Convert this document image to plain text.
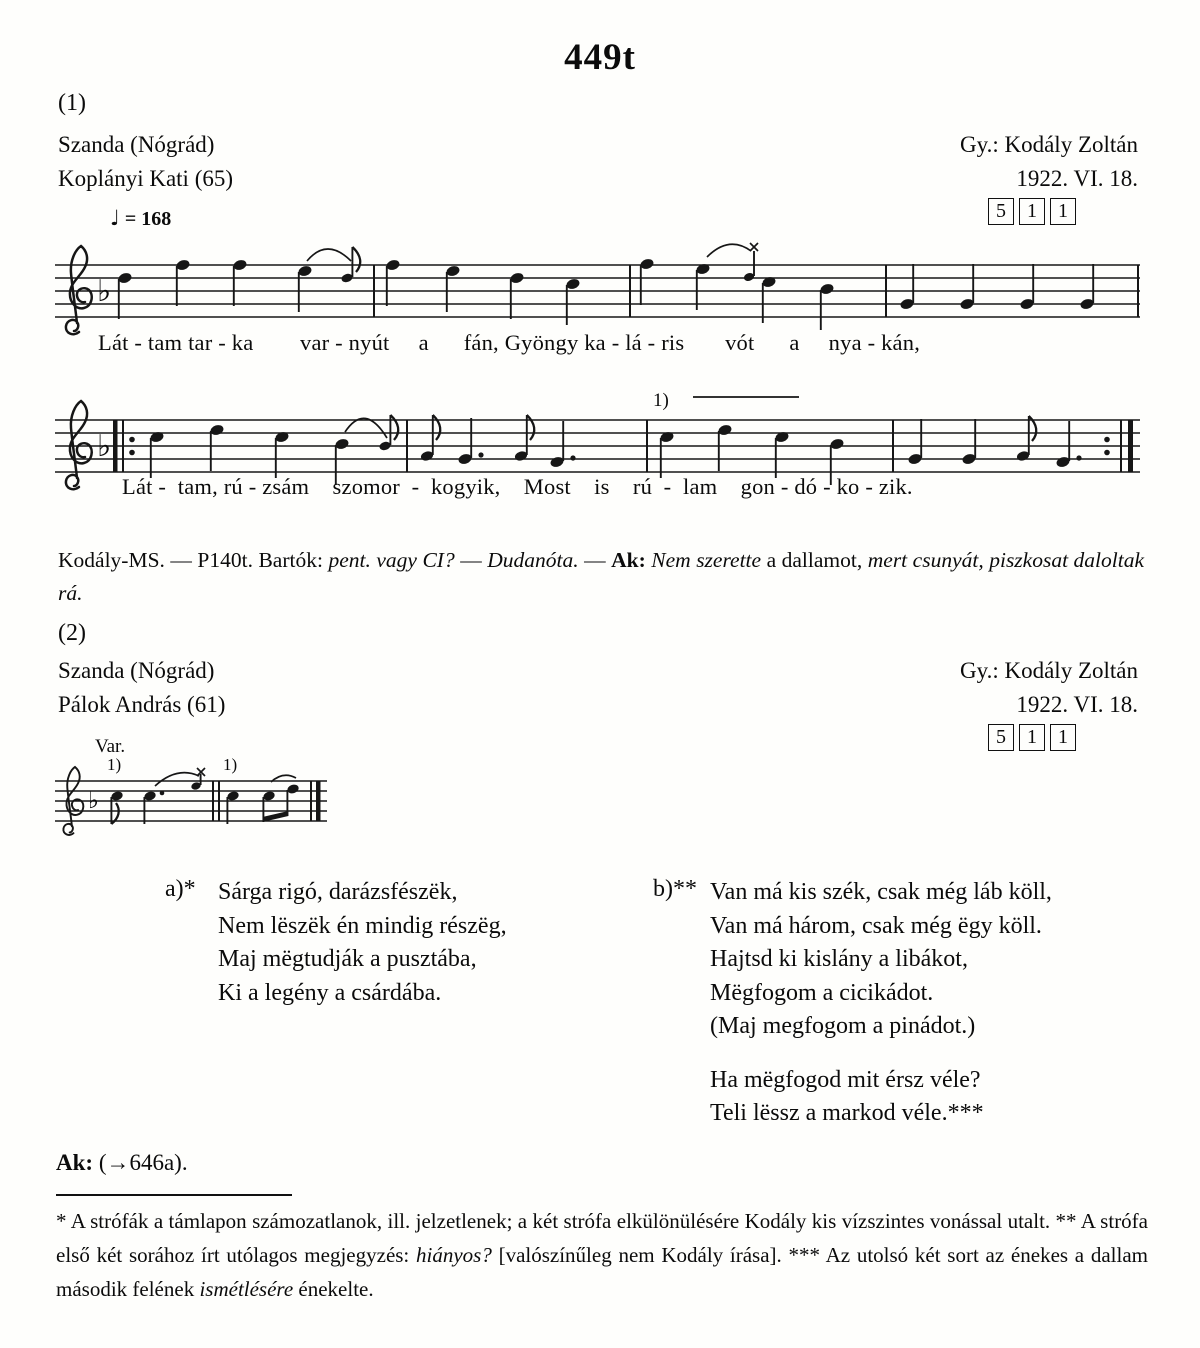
449t
(1)
Szanda (Nógrád)
Koplányi Kati (65)
Gy.: Kodály Zoltán
1922. VI. 18.
5	1	1
♩ = 168
♭
Lát - tam tar - ka        var - nyút     a      fán, Gyöngy ka - lá - ris       vót      a     nya - kán,
♭
1)
Lát -  tam, rú - zsám    szomor  -  kogyik,    Most    is    rú  -  lam    gon - dó - ko - zik.
Kodály-MS. — P140t. Bartók: pent. vagy CI? — Dudanóta. — Ak: Nem szerette a dallamot, mert csunyát, piszkosat daloltak rá.
(2)
Szanda (Nógrád)
Pálok András (61)
Gy.: Kodály Zoltán
1922. VI. 18.
5	1	1
Var.
♭
1)	1)
a)* Sárga rigó, darázsfészëk,
Nem lëszëk én mindig részëg,
Maj mëgtudják a pusztába,
Ki a legény a csárdába.
b)** Van má kis szék, csak még láb köll,
Van má három, csak még ëgy köll.
Hajtsd ki kislány a libákot,
Mëgfogom a cicikádot.
(Maj megfogom a pinádot.)
Ha mëgfogod mit érsz véle?
Teli lëssz a markod véle.***
Ak: (→646a).
* A strófák a támlapon számozatlanok, ill. jelzetlenek; a két strófa elkülönülésére Kodály kis vízszintes vonással utalt. ** A strófa első két sorához írt utólagos megjegyzés: hiányos? [valószínűleg nem Kodály írása]. *** Az utolsó két sort az énekes a dallam második felének ismétlésére énekelte.
